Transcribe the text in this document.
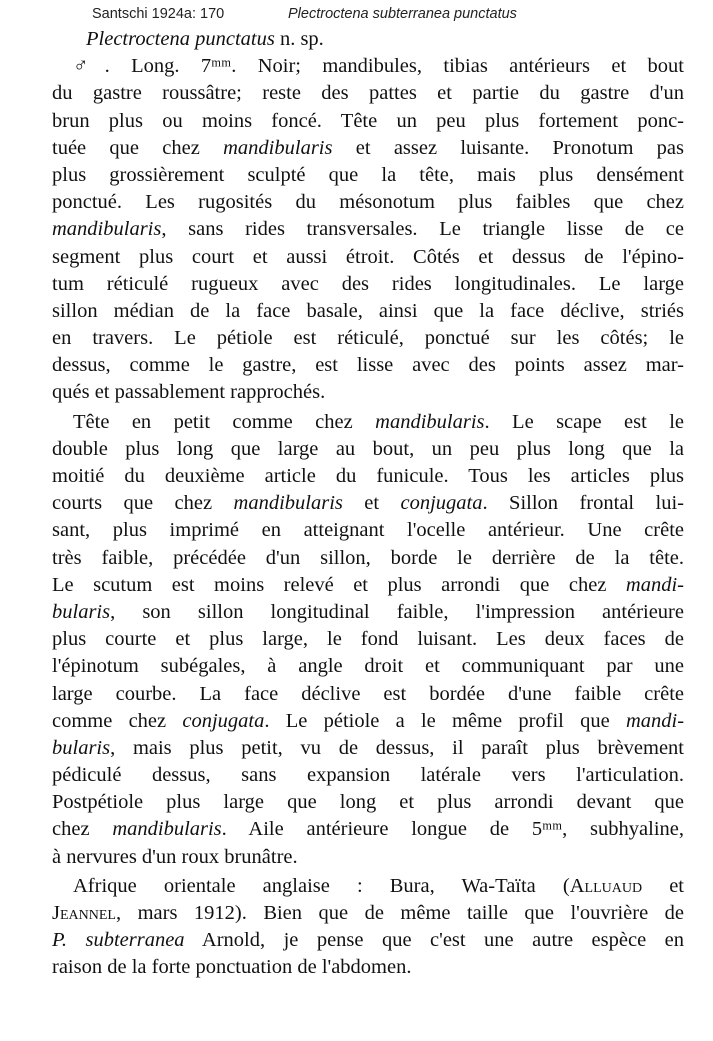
Santschi 1924a: 170	Plectroctena subterranea punctatus
Plectroctena punctatus n. sp.
♂. Long. 7ᵐᵐ. Noir; mandibules, tibias antérieurs et bout
du gastre roussâtre; reste des pattes et partie du gastre d'un
brun plus ou moins foncé. Tête un peu plus fortement ponc-
tuée que chez mandibularis et assez luisante. Pronotum pas
plus grossièrement sculpté que la tête, mais plus densément
ponctué. Les rugosités du mésonotum plus faibles que chez
mandibularis, sans rides transversales. Le triangle lisse de ce
segment plus court et aussi étroit. Côtés et dessus de l'épino-
tum réticulé rugueux avec des rides longitudinales. Le large
sillon médian de la face basale, ainsi que la face déclive, striés
en travers. Le pétiole est réticulé, ponctué sur les côtés; le
dessus, comme le gastre, est lisse avec des points assez mar-
qués et passablement rapprochés.
Tête en petit comme chez mandibularis. Le scape est le
double plus long que large au bout, un peu plus long que la
moitié du deuxième article du funicule. Tous les articles plus
courts que chez mandibularis et conjugata. Sillon frontal lui-
sant, plus imprimé en atteignant l'ocelle antérieur. Une crête
très faible, précédée d'un sillon, borde le derrière de la tête.
Le scutum est moins relevé et plus arrondi que chez mandi-
bularis, son sillon longitudinal faible, l'impression antérieure
plus courte et plus large, le fond luisant. Les deux faces de
l'épinotum subégales, à angle droit et communiquant par une
large courbe. La face déclive est bordée d'une faible crête
comme chez conjugata. Le pétiole a le même profil que mandi-
bularis, mais plus petit, vu de dessus, il paraît plus brèvement
pédiculé dessus, sans expansion latérale vers l'articulation.
Postpétiole plus large que long et plus arrondi devant que
chez mandibularis. Aile antérieure longue de 5ᵐᵐ, subhyaline,
à nervures d'un roux brunâtre.
Afrique orientale anglaise : Bura, Wa-Taïta (Alluaud et
Jeannel, mars 1912). Bien que de même taille que l'ouvrière de
P. subterranea Arnold, je pense que c'est une autre espèce en
raison de la forte ponctuation de l'abdomen.
